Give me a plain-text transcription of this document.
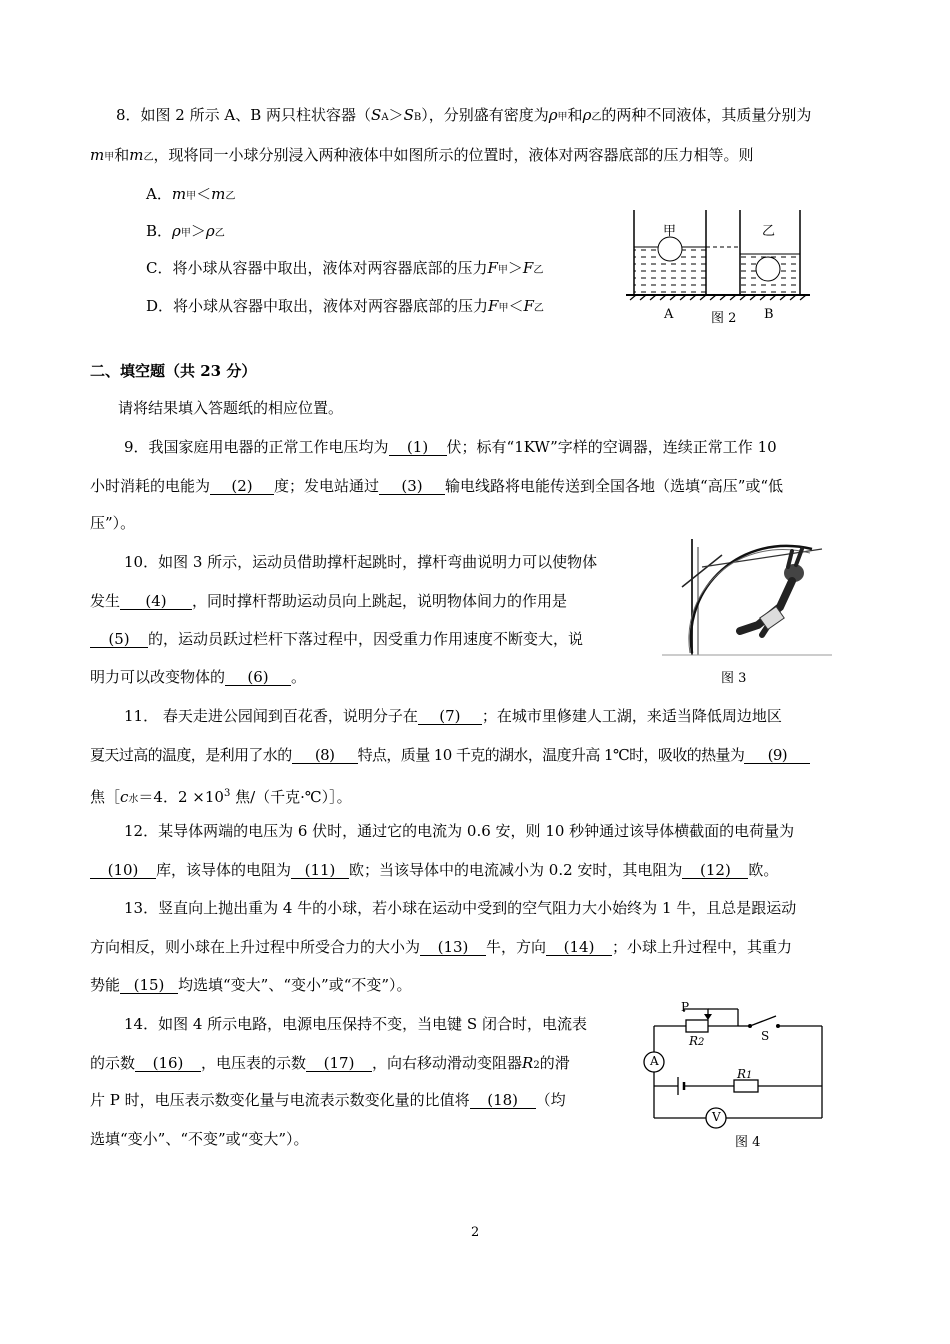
8．如图 2 所示 A、B 两只柱状容器（SA＞SB），分别盛有密度为ρ甲和ρ乙的两种不同液体，其质量分别为
m甲和m乙，现将同一小球分别浸入两种液体中如图所示的位置时，液体对两容器底部的压力相等。则
A．m甲＜m乙
B．ρ甲＞ρ乙
C．将小球从容器中取出，液体对两容器底部的压力F甲＞F乙
D．将小球从容器中取出，液体对两容器底部的压力F甲＜F乙
甲	乙
A	图 2 B
二、填空题（共 23 分）
请将结果填入答题纸的相应位置。
9．我国家庭用电器的正常工作电压均为 (1) 伏；标有“1KW”字样的空调器，连续正常工作 10
小时消耗的电能为 (2) 度；发电站通过 (3) 输电线路将电能传送到全国各地（选填“高压”或“低
压”）。
10．如图 3 所示，运动员借助撑杆起跳时，撑杆弯曲说明力可以使物体
发生 (4) ，同时撑杆帮助运动员向上跳起，说明物体间力的作用是
(5) 的，运动员跃过栏杆下落过程中，因受重力作用速度不断变大，说
明力可以改变物体的 (6) 。	图 3
11． 春天走进公园闻到百花香，说明分子在 (7) ；在城市里修建人工湖，来适当降低周边地区
夏天过高的温度，是利用了水的 (8) 特点，质量 10 千克的湖水，温度升高 1℃时，吸收的热量为 (9)
焦［c水＝4．$2 \times 10^3$ 焦/（千克·℃）］。
12．某导体两端的电压为 6 伏时，通过它的电流为 0.6 安，则 10 秒钟通过该导体横截面的电荷量为
(10) 库，该导体的电阻为 (11) 欧；当该导体中的电流减小为 0.2 安时，其电阻为 (12) 欧。
13．竖直向上抛出重为 4 牛的小球，若小球在运动中受到的空气阻力大小始终为 1 牛，且总是跟运动
方向相反，则小球在上升过程中所受合力的大小为 (13) 牛，方向 (14) ；小球上升过程中，其重力
势能 (15) 均选填“变大”、“变小”或“不变”）。
14．如图 4 所示电路，电源电压保持不变，当电键 S 闭合时，电流表
的示数 (16) ，电压表的示数 (17) ，向右移动滑动变阻器R2的滑
片 P 时，电压表示数变化量与电流表示数变化量的比值将 (18) （均
选填“变小”、“不变”或“变大”）。
P
R2	S
A
R1
V
图 4
2
